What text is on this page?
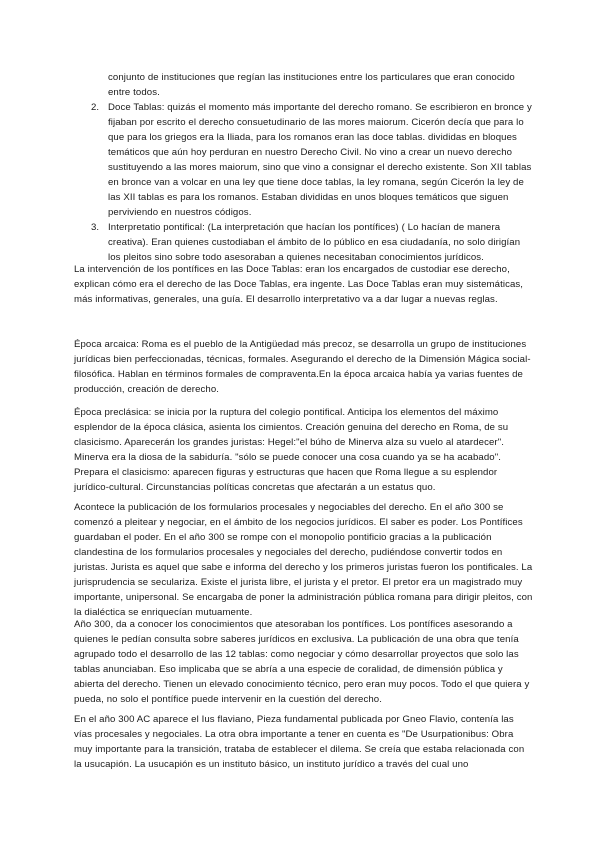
conjunto de instituciones que regían las instituciones entre los particulares que eran conocido entre todos.
2. Doce Tablas: quizás el momento más importante del derecho romano. Se escribieron en bronce y fijaban por escrito el derecho consuetudinario de las mores maiorum. Cicerón decía que para lo que para los griegos era la Iliada, para los romanos eran las doce tablas. divididas en bloques temáticos que aún hoy perduran en nuestro Derecho Civil. No vino a crear un nuevo derecho sustituyendo a las mores maiorum, sino que vino a consignar el derecho existente. Son XII tablas en bronce van a volcar en una ley que tiene doce tablas, la ley romana, según Cicerón la ley de las XII tablas es para los romanos. Estaban divididas en unos bloques temáticos que siguen perviviendo en nuestros códigos.
3. Interpretatio pontifical: (La interpretación que hacían los pontífices) ( Lo hacían de manera creativa). Eran quienes custodiaban el ámbito de lo público en esa ciudadanía, no solo dirigían los pleitos sino sobre todo asesoraban a quienes necesitaban conocimientos jurídicos.

La intervención de los pontífices en las Doce Tablas: eran los encargados de custodiar ese derecho, explican cómo era el derecho de las Doce Tablas, era ingente. Las Doce Tablas eran muy sistemáticas, más informativas, generales, una guía. El desarrollo interpretativo va a dar lugar a nuevas reglas.

Época arcaica: Roma es el pueblo de la Antigüedad más precoz, se desarrolla un grupo de instituciones jurídicas bien perfeccionadas, técnicas, formales. Asegurando el derecho de la Dimensión Mágica social-filosófica. Hablan en términos formales de compraventa.En la época arcaica había ya varias fuentes de producción, creación de derecho.

Época preclásica: se inicia por la ruptura del colegio pontifical. Anticipa los elementos del máximo esplendor de la época clásica, asienta los cimientos. Creación genuina del derecho en Roma, de su clasicismo. Aparecerán los grandes juristas: Hegel:"el búho de Minerva alza su vuelo al atardecer". Minerva era la diosa de la sabiduría. "sólo se puede conocer una cosa cuando ya se ha acabado". Prepara el clasicismo: aparecen figuras y estructuras que hacen que Roma llegue a su esplendor jurídico-cultural. Circunstancias políticas concretas que afectarán a un estatus quo.

Acontece la publicación de los formularios procesales y negociables del derecho. En el año 300 se comenzó a pleitear y negociar, en el ámbito de los negocios jurídicos. El saber es poder. Los Pontífices guardaban el poder. En el año 300 se rompe con el monopolio pontificio gracias a la publicación clandestina de los formularios procesales y negociales del derecho, pudiéndose convertir todos en juristas. Jurista es aquel que sabe e informa del derecho y los primeros juristas fueron los pontificales. La jurisprudencia se seculariza. Existe el jurista libre, el jurista y el pretor. El pretor era un magistrado muy importante, unipersonal. Se encargaba de poner la administración pública romana para dirigir pleitos, con la dialéctica se enriquecían mutuamente.

Año 300, da a conocer los conocimientos que atesoraban los pontífices. Los pontífices asesorando a quienes le pedían consulta sobre saberes jurídicos en exclusiva. La publicación de una obra que tenía agrupado todo el desarrollo de las 12 tablas: como negociar y cómo desarrollar proyectos que solo las tablas anunciaban. Eso implicaba que se abría a una especie de coralidad, de dimensión pública y abierta del derecho. Tienen un elevado conocimiento técnico, pero eran muy pocos. Todo el que quiera y pueda, no solo el pontífice puede intervenir en la cuestión del derecho.

En el año 300 AC aparece el Ius flaviano, Pieza fundamental publicada por Gneo Flavio, contenía las vías procesales y negociales. La otra obra importante a tener en cuenta es "De Usurpationibus: Obra muy importante para la transición, trataba de establecer el dilema. Se creía que estaba relacionada con la usucapión. La usucapión es un instituto básico, un instituto jurídico a través del cual uno
